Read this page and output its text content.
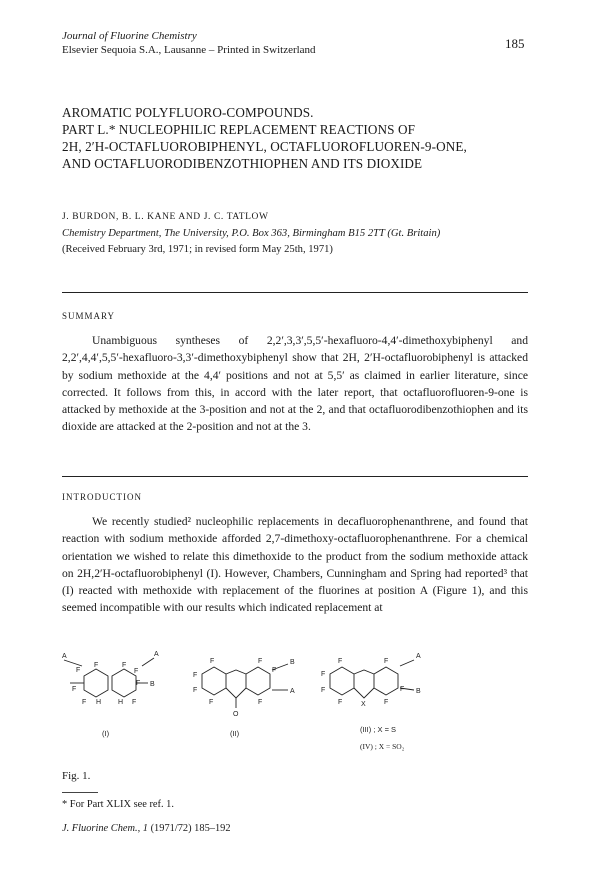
Journal of Fluorine Chemistry
Elsevier Sequoia S.A., Lausanne – Printed in Switzerland	185
AROMATIC POLYFLUORO-COMPOUNDS.
PART L.* NUCLEOPHILIC REPLACEMENT REACTIONS OF
2H, 2′H-OCTAFLUOROBIPHENYL, OCTAFLUOROFLUOREN-9-ONE,
AND OCTAFLUORODIBENZOTHIOPHEN AND ITS DIOXIDE
J. BURDON, B. L. KANE AND J. C. TATLOW
Chemistry Department, The University, P.O. Box 363, Birmingham B15 2TT (Gt. Britain)
(Received February 3rd, 1971; in revised form May 25th, 1971)
SUMMARY

Unambiguous syntheses of 2,2′,3,3′,5,5′-hexafluoro-4,4′-dimethoxybiphenyl and 2,2′,4,4′,5,5′-hexafluoro-3,3′-dimethoxybiphenyl show that 2H, 2′H-octafluorobiphenyl is attacked by sodium methoxide at the 4,4′ positions and not at 5,5′ as claimed in earlier literature, since corrected. It follows from this, in accord with the later report, that octafluorofluoren-9-one is attacked by methoxide at the 3-position and not at the 2, and that octafluorodibenzothiophen and its dioxide are attacked at the 2-position and not at the 3.

INTRODUCTION

We recently studied² nucleophilic replacements in decafluorophenanthrene, and found that reaction with sodium methoxide afforded 2,7-dimethoxy-octafluorophenanthrene. For a chemical orientation we wished to relate this dimethoxide to the product from the sodium methoxide attack on 2H,2′H-octafluorobiphenyl (I). However, Chambers, Cunningham and Spring had reported³ that (I) reacted with methoxide with replacement of the fluorines at position A (Figure 1), and this seemed incompatible with our results which indicated replacement at

A	A
F
F	F
F
F
F
B
F H H F
F	F
F
F
B
A
F
F	F
O
F	F
A
F
F	F B
F	X	F
(I)	(II)	(III) ; X = S
(IV) ; X = SO₂
Fig. 1.
* For Part XLIX see ref. 1.
J. Fluorine Chem., 1 (1971/72) 185–192
